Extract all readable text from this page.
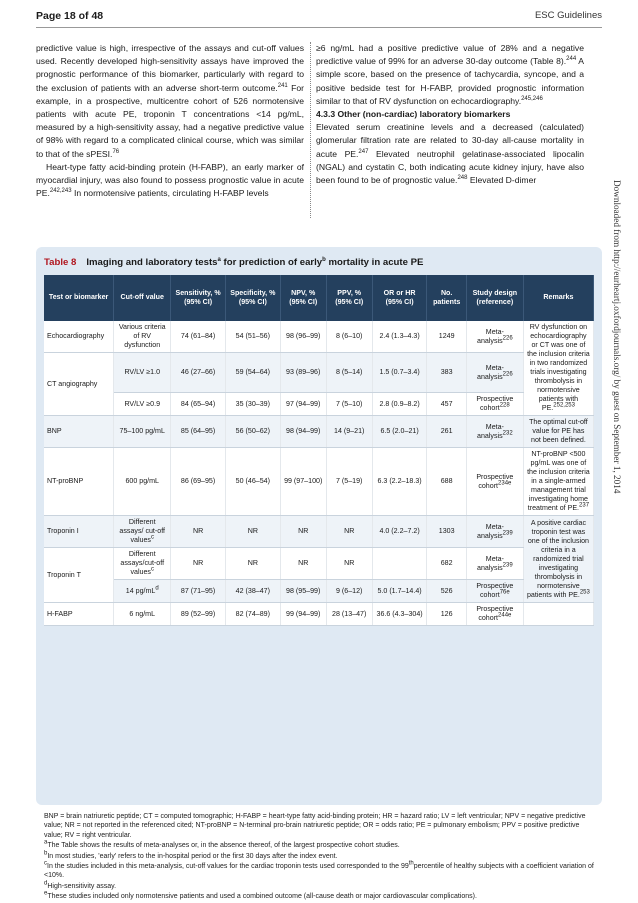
Page 18 of 48	ESC Guidelines

predictive value is high, irrespective of the assays and cut-off values used. Recently developed high-sensitivity assays have improved the prognostic performance of this biomarker, particularly with regard to the exclusion of patients with an adverse short-term outcome.$^{241}$ For example, in a prospective, multicentre cohort of 526 normotensive patients with acute PE, troponin T concentrations <14 pg/mL, measured by a high-sensitivity assay, had a negative predictive value of 98% with regard to a complicated clinical course, which was similar to that of the sPESI.$^{76}$

Heart-type fatty acid-binding protein (H-FABP), an early marker of myocardial injury, was also found to possess prognostic value in acute PE.$^{242,243}$ In normotensive patients, circulating H-FABP levels

≥6 ng/mL had a positive predictive value of 28% and a negative predictive value of 99% for an adverse 30-day outcome (Table 8).$^{244}$ A simple score, based on the presence of tachycardia, syncope, and a positive bedside test for H-FABP, provided prognostic information similar to that of RV dysfunction on echocardiography.$^{245,246}$

4.3.3 Other (non-cardiac) laboratory biomarkers

Elevated serum creatinine levels and a decreased (calculated) glomerular filtration rate are related to 30-day all-cause mortality in acute PE.$^{247}$ Elevated neutrophil gelatinase-associated lipocalin (NGAL) and cystatin C, both indicating acute kidney injury, have also been found to be of prognostic value.$^{248}$ Elevated D-dimer

Table 8 Imaging and laboratory tests$^a$ for prediction of early$^b$ mortality in acute PE
Test or biomarker	Cut-off value	Sensitivity, % (95% CI)	Specificity, % (95% CI)	NPV, % (95% CI)	PPV, % (95% CI)	OR or HR (95% CI)	No. patients	Study design (reference)	Remarks
Echocardiography	Various criteria of RV dysfunction	74 (61–84)	54 (51–56)	98 (96–99)	8 (6–10)	2.4 (1.3–4.3)	1249	Meta-analysis$^{226}$	RV dysfunction on echocardiography or CT was one of the inclusion criteria in two randomized trials investigating thrombolysis in normotensive patients with PE.$^{252,253}$
CT angiography	RV/LV ≥1.0	46 (27–66)	59 (54–64)	93 (89–96)	8 (5–14)	1.5 (0.7–3.4)	383	Meta-analysis$^{226}$
	RV/LV ≥0.9	84 (65–94)	35 (30–39)	97 (94–99)	7 (5–10)	2.8 (0.9–8.2)	457	Prospective cohort$^{228}$
BNP	75–100 pg/mL	85 (64–95)	56 (50–62)	98 (94–99)	14 (9–21)	6.5 (2.0–21)	261	Meta-analysis$^{232}$	The optimal cut-off value for PE has not been defined.
NT-proBNP	600 pg/mL	86 (69–95)	50 (46–54)	99 (97–100)	7 (5–19)	6.3 (2.2–18.3)	688	Prospective cohort$^{234e}$	NT-proBNP <500 pg/mL was one of the inclusion criteria in a single-armed management trial investigating home treatment of PE.$^{237}$
Troponin I	Different assays/ cut-off values$^c$	NR	NR	NR	NR	4.0 (2.2–7.2)	1303	Meta-analysis$^{239}$	A positive cardiac troponin test was one of the inclusion criteria in a randomized trial investigating thrombolysis in normotensive patients with PE.$^{253}$
Troponin T	Different assays/cut-off values$^c$	NR	NR	NR	NR		682	Meta-analysis$^{239}$
	14 $pg/mL^d$	87 (71–95)	42 (38–47)	98 (95–99)	9 (6–12)	5.0 (1.7–14.4)	526	Prospective cohort$^{76e}$
H-FABP	6 ng/mL	89 (52–99)	82 (74–89)	99 (94–99)	28 (13–47)	36.6 (4.3–304)	126	Prospective cohort$^{244e}$	

BNP = brain natriuretic peptide; CT = computed tomographic; H-FABP = heart-type fatty acid-binding protein; HR = hazard ratio; LV = left ventricular; NPV = negative predictive value; NR = not reported in the referenced cited; NT-proBNP = N-terminal pro-brain natriuretic peptide; OR = odds ratio; PE = pulmonary embolism; PPV = positive predictive value; RV = right ventricular.

$^a$The Table shows the results of meta-analyses or, in the absence thereof, of the largest prospective cohort studies.

$^b$In most studies, 'early' refers to the in-hospital period or the first 30 days after the index event.

$^c$In the studies included in this meta-analysis, cut-off values for the cardiac troponin tests used corresponded to the 99thpercentile of healthy subjects with a coefficient variation of <10%.

$^d$High-sensitivity assay.

$^e$These studies included only normotensive patients and used a combined outcome (all-cause death or major cardiovascular complications).

Downloaded from http://eurheartj.oxfordjournals.org/ by guest on September 1, 2014
